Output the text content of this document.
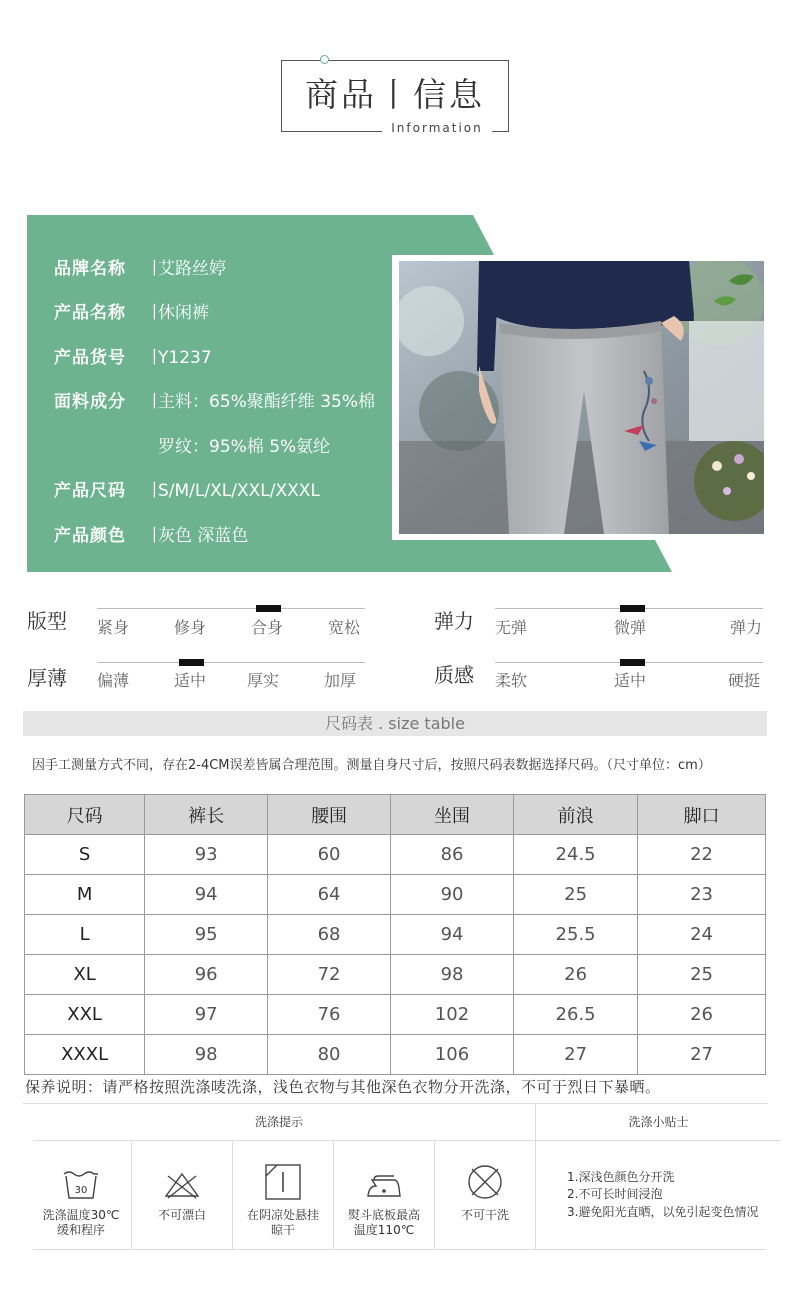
商品丨信息
Information
品牌名称 丨艾路丝婷
产品名称 丨休闲裤
产品货号 丨Y1237
面料成分 丨主料：65%聚酯纤维 35%棉
罗纹：95%棉 5%氨纶
产品尺码 丨S/M/L/XL/XXL/XXXL
产品颜色 丨灰色 深蓝色
版型 紧身	修身	合身	宽松	弹力 无弹	微弹	弹力
厚薄 偏薄	适中	厚实	加厚	质感 柔软	适中	硬挺
尺码表 . size table
因手工测量方式不同，存在2-4CM误差皆属合理范围。测量自身尺寸后，按照尺码表数据选择尺码。（尺寸单位：cm）
尺码	裤长	腰围	坐围	前浪	脚口
S	93	60	86	24.5	22
M	94	64	90	25	23
L	95	68	94	25.5	24
XL	96	72	98	26	25
XXL	97	76	102	26.5	26
XXXL	98	80	106	27	27
保养说明：请严格按照洗涤唛洗涤，浅色衣物与其他深色衣物分开洗涤，不可于烈日下暴晒。
洗涤提示	洗涤小贴士
30
洗涤温度30℃
缓和程序
不可漂白	在阴凉处悬挂
晾干
熨斗底板最高
温度110℃
不可干洗
1.深浅色颜色分开洗
2.不可长时间浸泡
3.避免阳光直晒，以免引起变色情况
